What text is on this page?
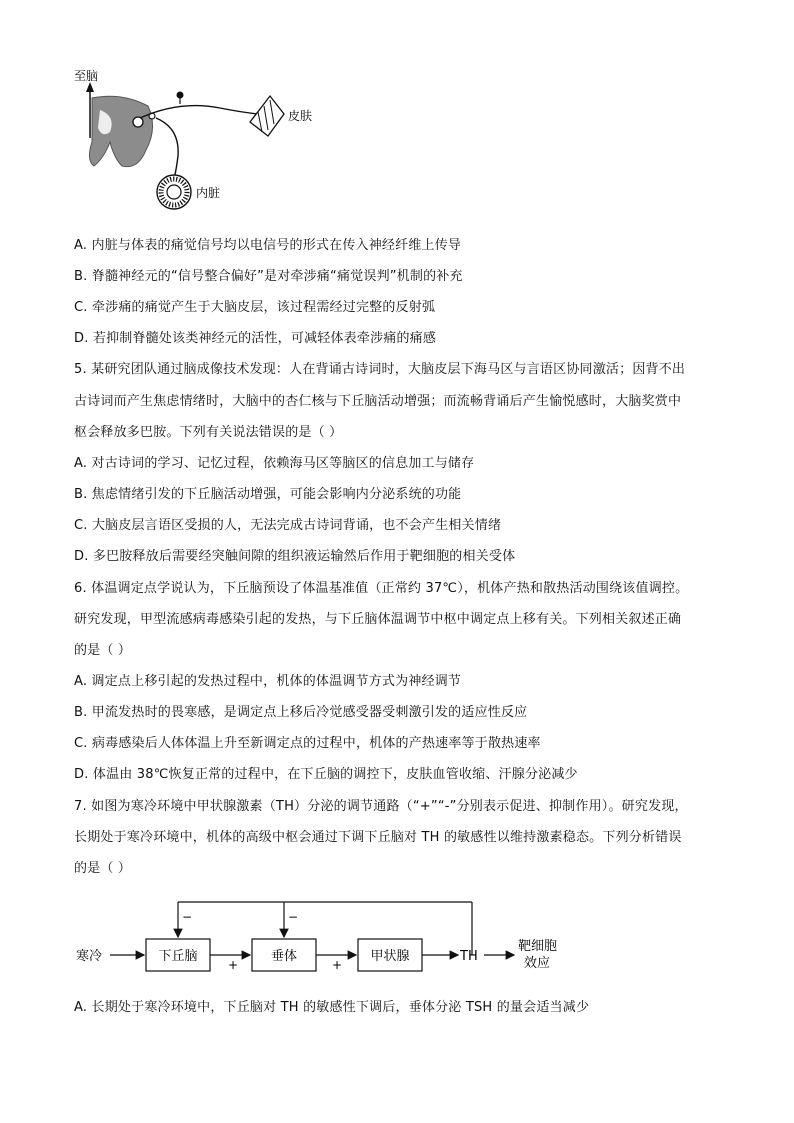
至脑
皮肤
内脏
A. 内脏与体表的痛觉信号均以电信号的形式在传入神经纤维上传导
B. 脊髓神经元的“信号整合偏好”是对牵涉痛“痛觉误判”机制的补充
C. 牵涉痛的痛觉产生于大脑皮层，该过程需经过完整的反射弧
D. 若抑制脊髓处该类神经元的活性，可减轻体表牵涉痛的痛感
5. 某研究团队通过脑成像技术发现：人在背诵古诗词时，大脑皮层下海马区与言语区协同激活；因背不出
古诗词而产生焦虑情绪时，大脑中的杏仁核与下丘脑活动增强；而流畅背诵后产生愉悦感时，大脑奖赏中
枢会释放多巴胺。下列有关说法错误的是（ ）
A. 对古诗词的学习、记忆过程，依赖海马区等脑区的信息加工与储存
B. 焦虑情绪引发的下丘脑活动增强，可能会影响内分泌系统的功能
C. 大脑皮层言语区受损的人，无法完成古诗词背诵，也不会产生相关情绪
D. 多巴胺释放后需要经突触间隙的组织液运输然后作用于靶细胞的相关受体
6. 体温调定点学说认为，下丘脑预设了体温基准值（正常约 37℃），机体产热和散热活动围绕该值调控。
研究发现，甲型流感病毒感染引起的发热，与下丘脑体温调节中枢中调定点上移有关。下列相关叙述正确
的是（ ）
A. 调定点上移引起的发热过程中，机体的体温调节方式为神经调节
B. 甲流发热时的畏寒感，是调定点上移后冷觉感受器受刺激引发的适应性反应
C. 病毒感染后人体体温上升至新调定点的过程中，机体的产热速率等于散热速率
D. 体温由 38℃恢复正常的过程中，在下丘脑的调控下，皮肤血管收缩、汗腺分泌减少
7. 如图为寒冷环境中甲状腺激素（TH）分泌的调节通路（“+”“-”分别表示促进、抑制作用）。研究发现，
长期处于寒冷环境中，机体的高级中枢会通过下调下丘脑对 TH 的敏感性以维持激素稳态。下列分析错误
的是（ ）
−	−
寒冷	下丘脑
+
垂体
+
甲状腺	TH
靶细胞
效应
A. 长期处于寒冷环境中，下丘脑对 TH 的敏感性下调后，垂体分泌 TSH 的量会适当减少
